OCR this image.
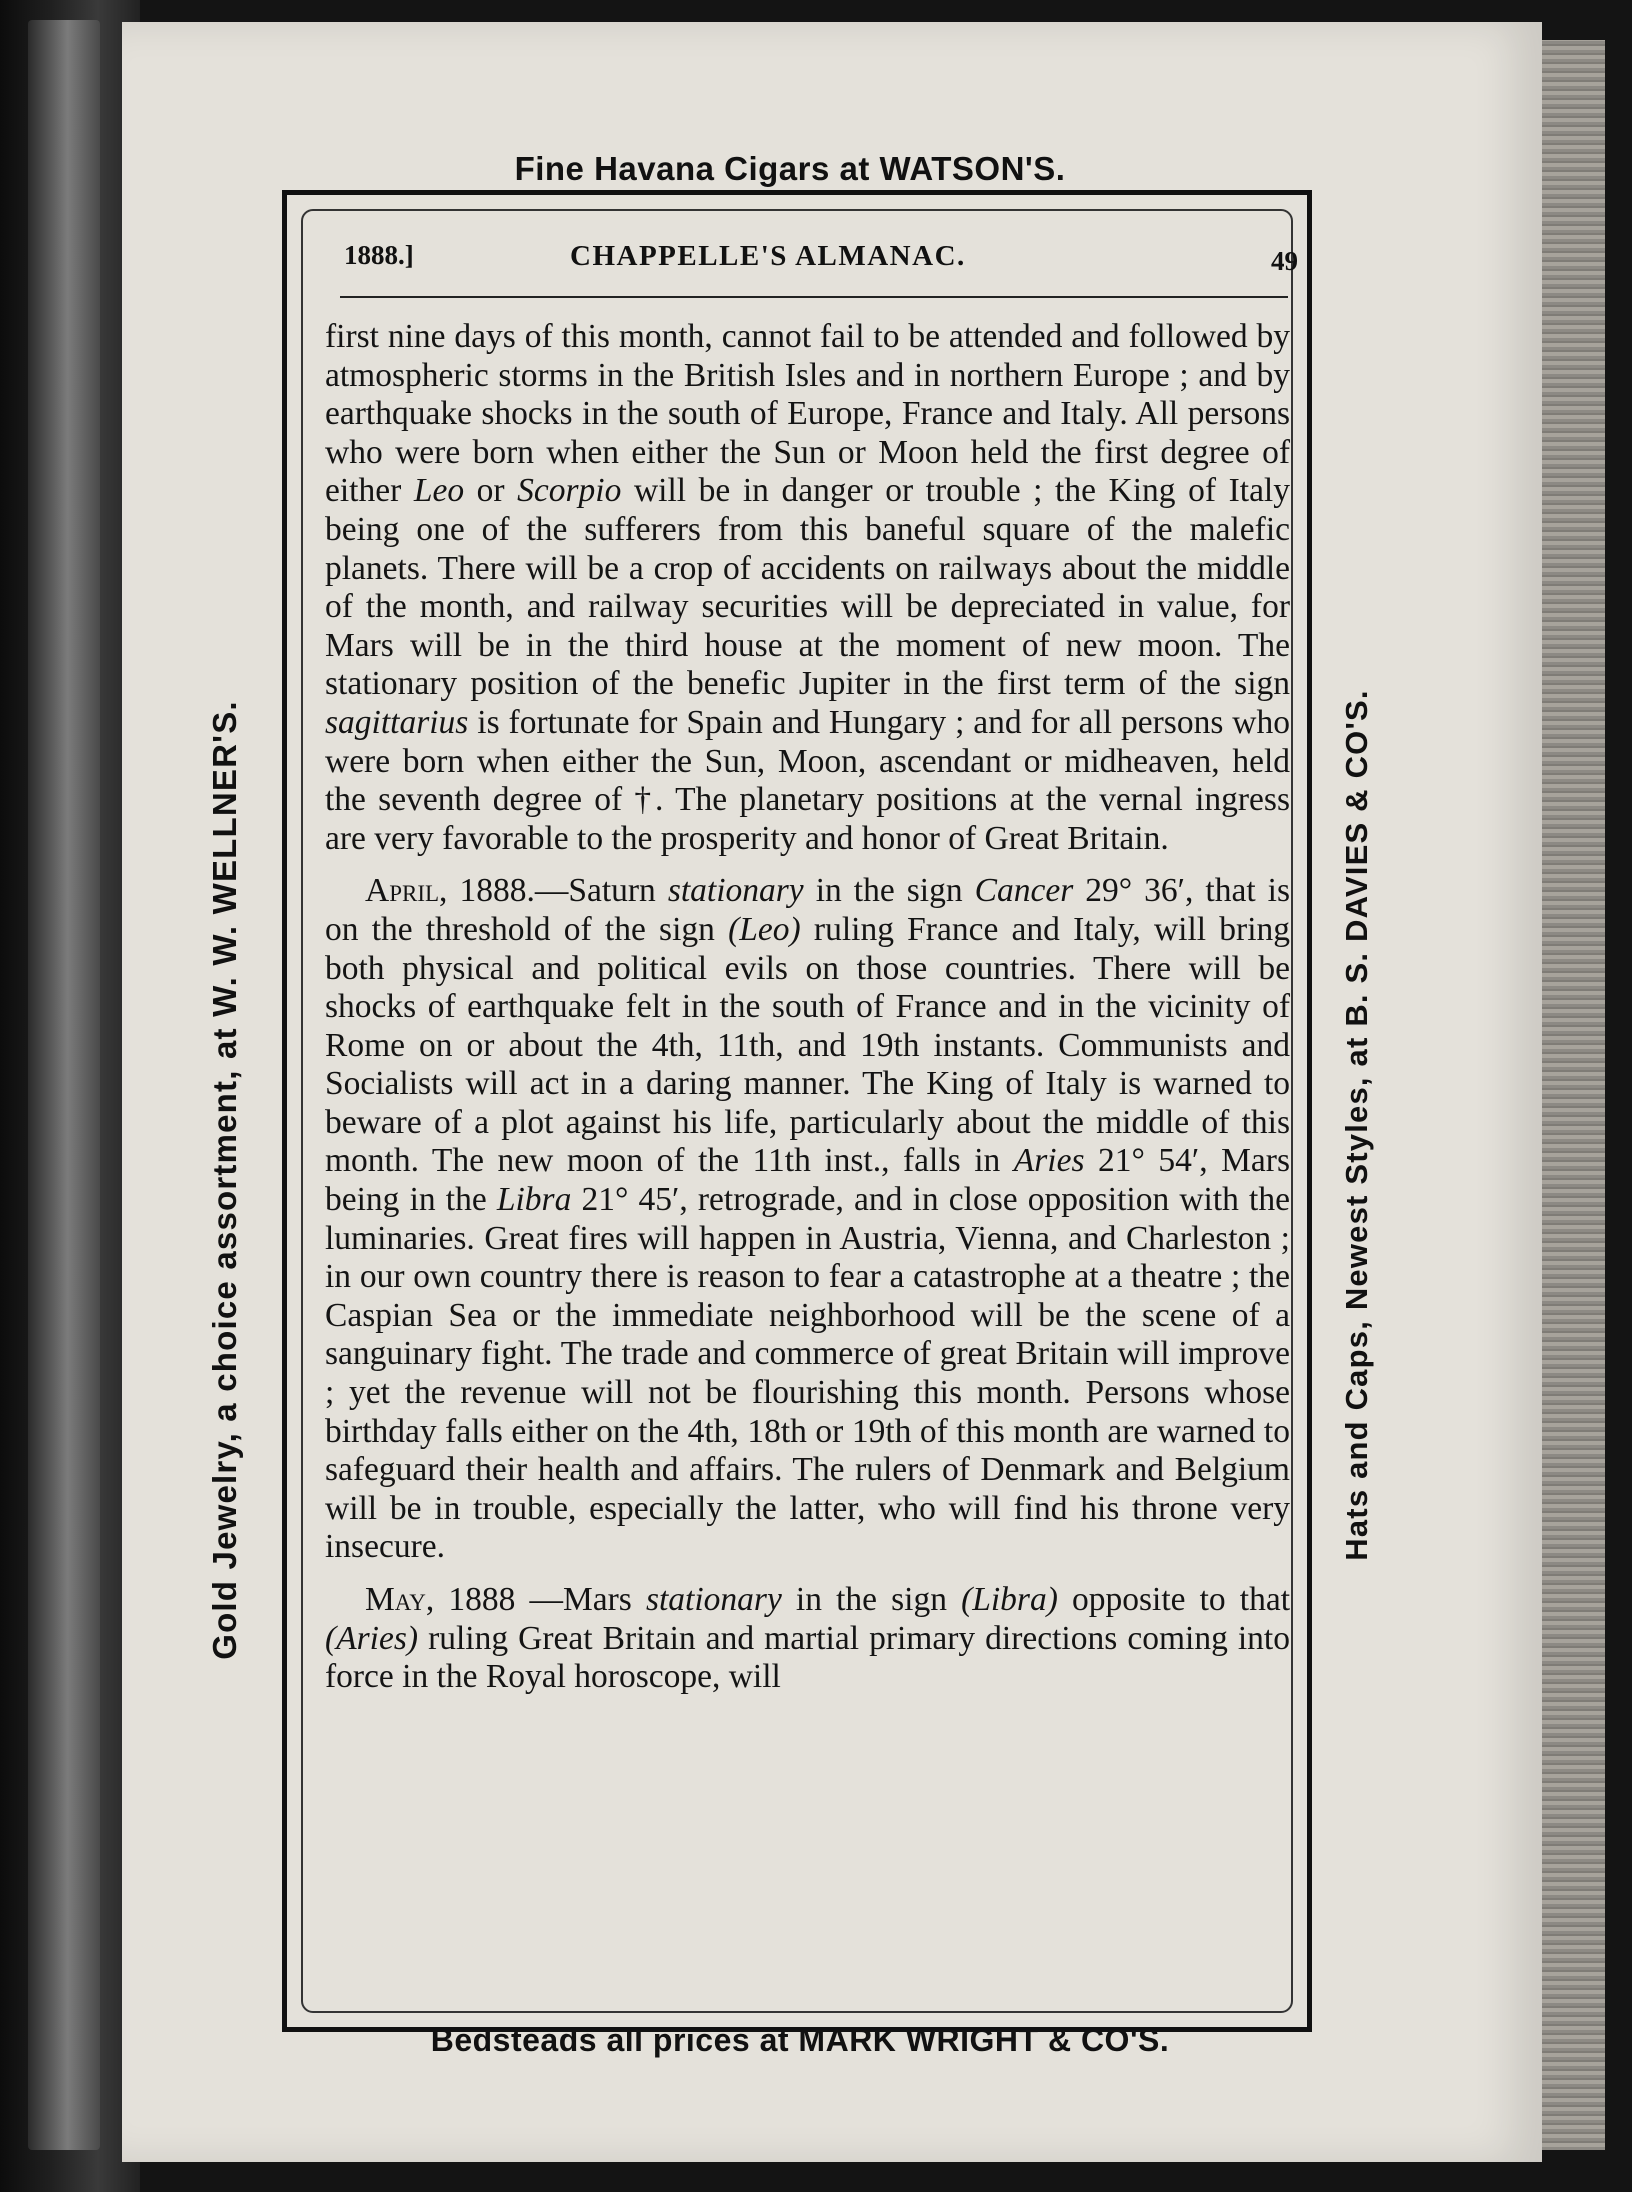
Fine Havana Cigars at WATSON'S.
Gold Jewelry, a choice assortment, at W. W. WELLNER'S.	Hats and Caps, Newest Styles, at B. S. DAVIES & CO'S.
Bedsteads all prices at MARK WRIGHT & CO'S.
1888.]	CHAPPELLE'S ALMANAC.	49

first nine days of this month, cannot fail to be attended and followed by atmospheric storms in the British Isles and in northern Europe ; and by earthquake shocks in the south of Europe, France and Italy. All persons who were born when either the Sun or Moon held the first degree of either Leo or Scorpio will be in danger or trouble ; the King of Italy being one of the sufferers from this baneful square of the malefic planets. There will be a crop of accidents on railways about the middle of the month, and railway securities will be depreciated in value, for Mars will be in the third house at the moment of new moon. The stationary position of the benefic Jupiter in the first term of the sign sagittarius is fortunate for Spain and Hungary ; and for all persons who were born when either the Sun, Moon, ascendant or midheaven, held the seventh degree of †. The planetary positions at the vernal ingress are very favorable to the prosperity and honor of Great Britain.

April, 1888.—Saturn stationary in the sign Cancer 29° 36′, that is on the threshold of the sign (Leo) ruling France and Italy, will bring both physical and political evils on those countries. There will be shocks of earthquake felt in the south of France and in the vicinity of Rome on or about the 4th, 11th, and 19th instants. Communists and Socialists will act in a daring manner. The King of Italy is warned to beware of a plot against his life, particularly about the middle of this month. The new moon of the 11th inst., falls in Aries 21° 54′, Mars being in the Libra 21° 45′, retrograde, and in close opposition with the luminaries. Great fires will happen in Austria, Vienna, and Charleston ; in our own country there is reason to fear a catastrophe at a theatre ; the Caspian Sea or the immediate neighborhood will be the scene of a sanguinary fight. The trade and commerce of great Britain will improve ; yet the revenue will not be flourishing this month. Persons whose birthday falls either on the 4th, 18th or 19th of this month are warned to safeguard their health and affairs. The rulers of Denmark and Belgium will be in trouble, especially the latter, who will find his throne very insecure.

May, 1888 —Mars stationary in the sign (Libra) opposite to that (Aries) ruling Great Britain and martial primary directions coming into force in the Royal horoscope, will
